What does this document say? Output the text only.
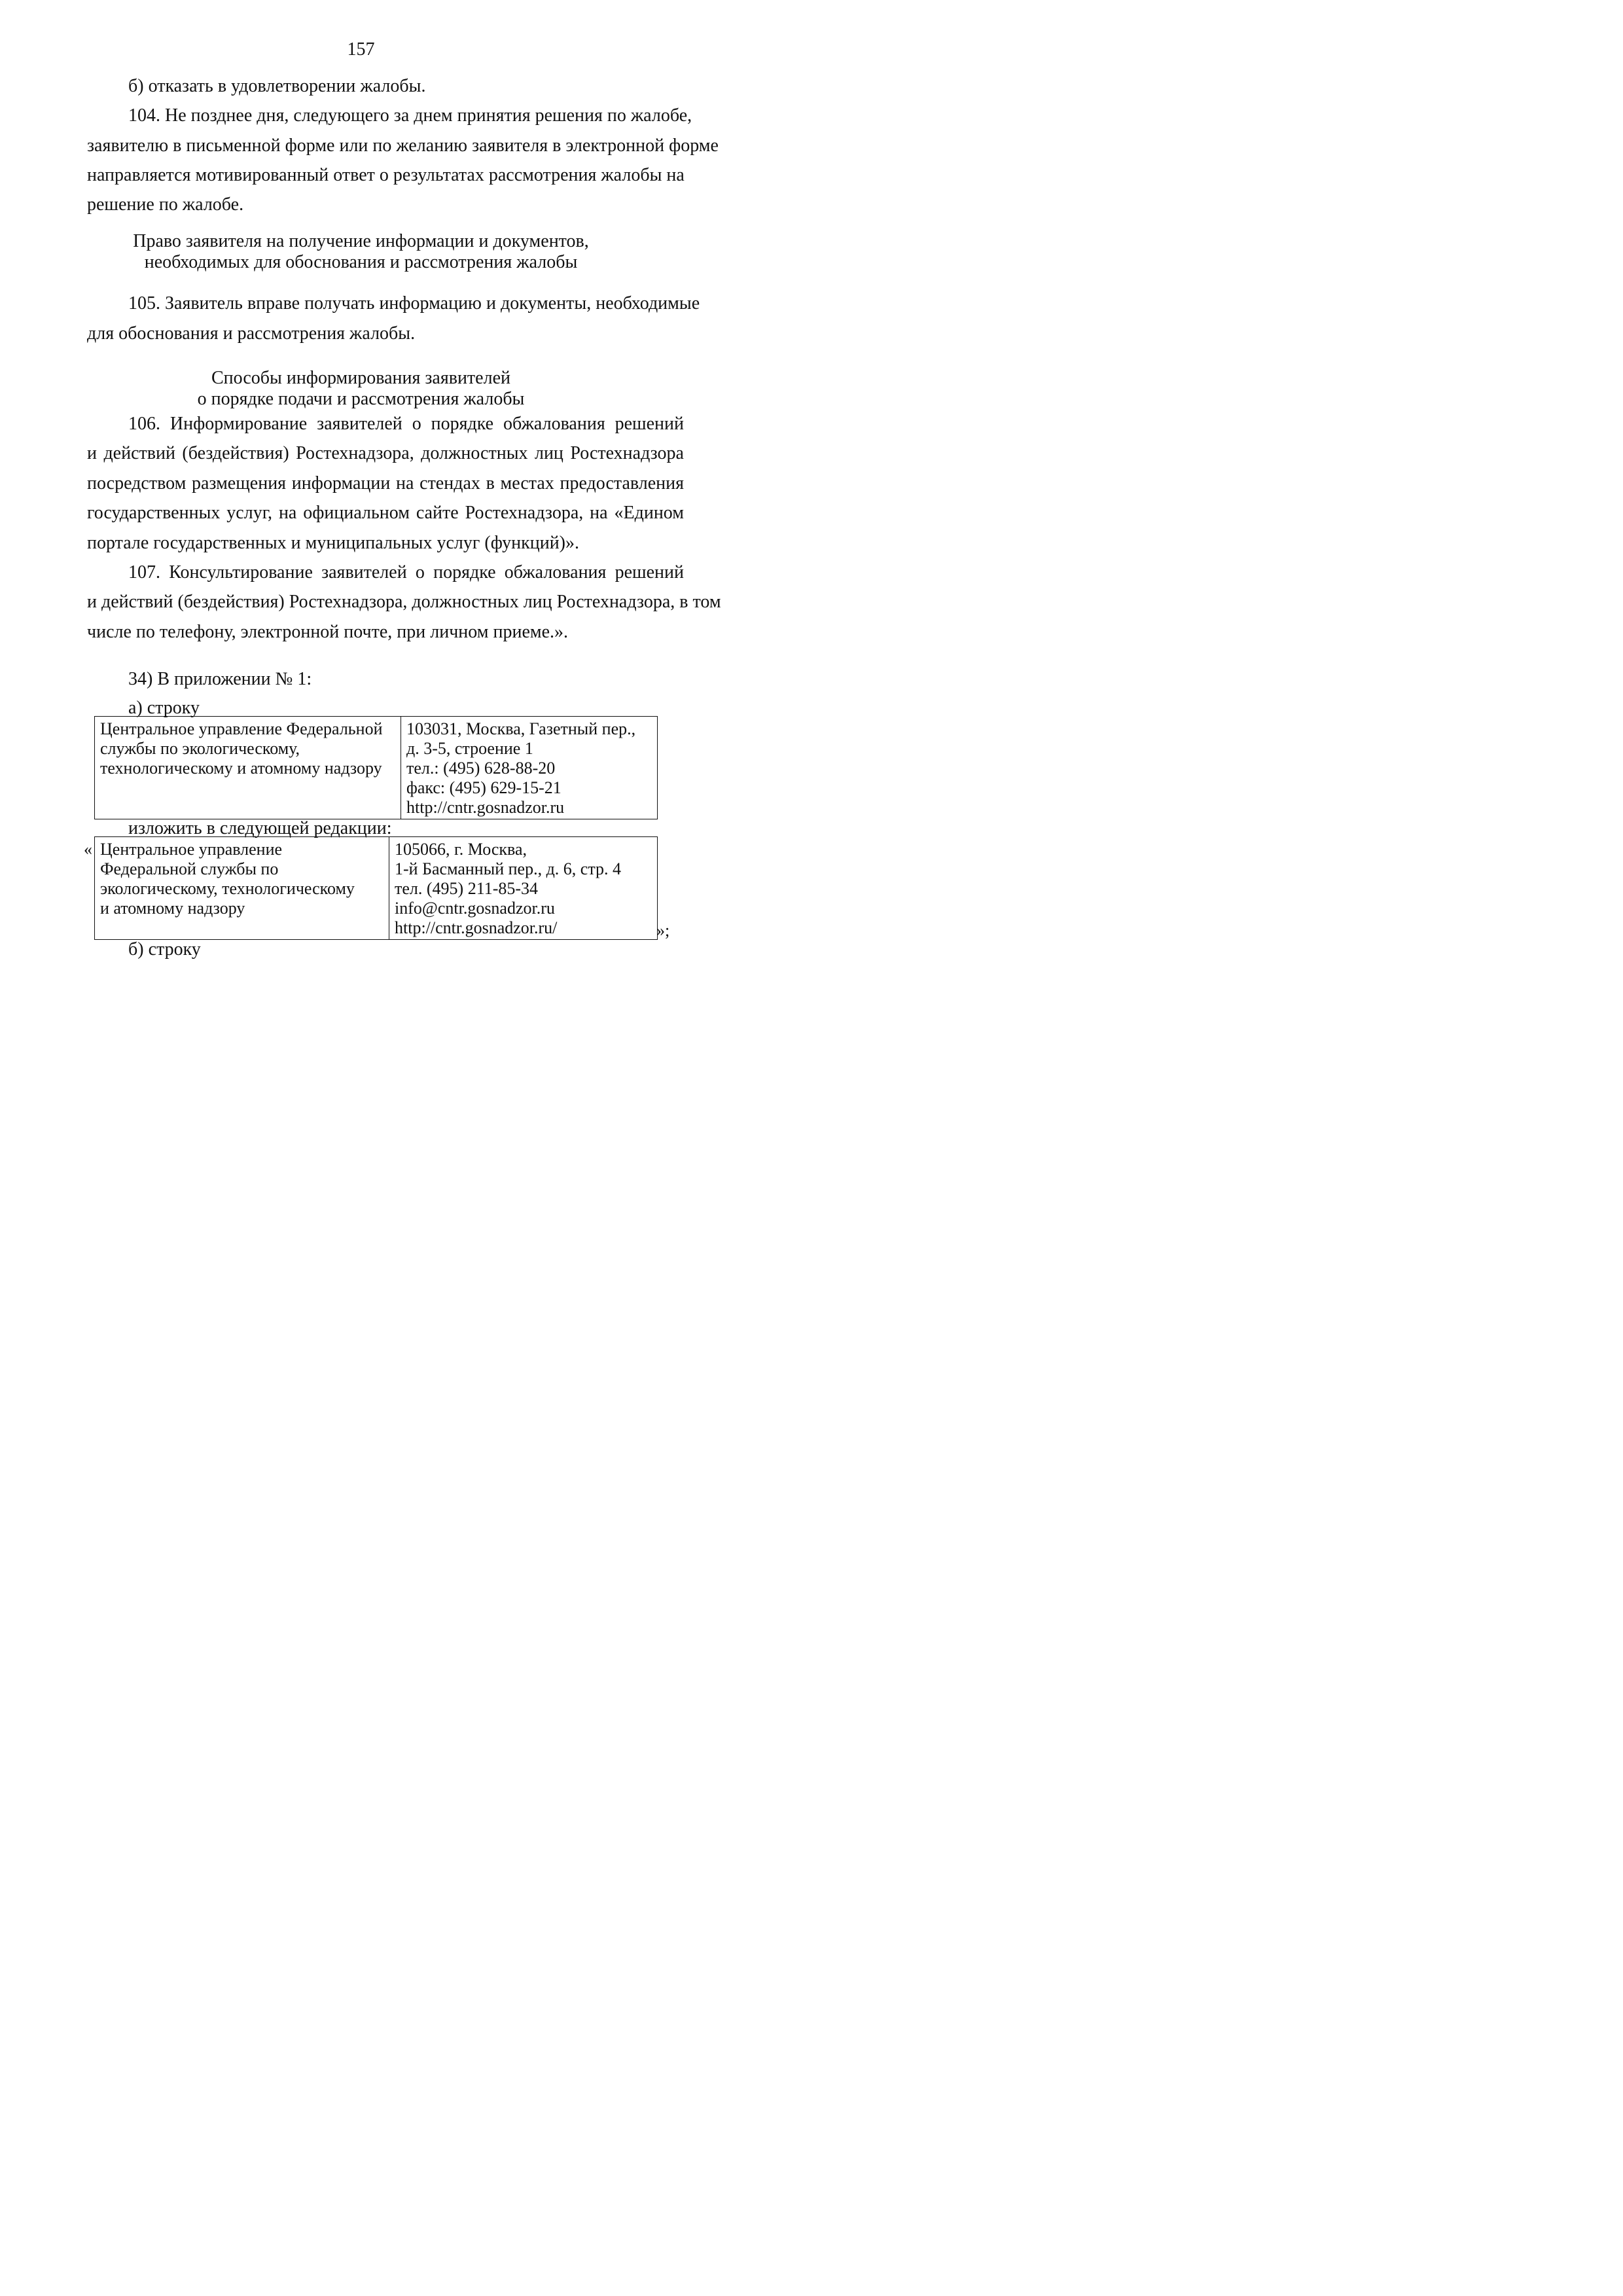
157
б) отказать в удовлетворении жалобы.
104. Не позднее дня, следующего за днем принятия решения по жалобе,
заявителю в письменной форме или по желанию заявителя в электронной форме
направляется мотивированный ответ о результатах рассмотрения жалобы на
решение по жалобе.
Право заявителя на получение информации и документов,
необходимых для обоснования и рассмотрения жалобы
105. Заявитель вправе получать информацию и документы, необходимые
для обоснования и рассмотрения жалобы.
Способы информирования заявителей
о порядке подачи и рассмотрения жалобы
106. Информирование заявителей о порядке обжалования решений
и действий (бездействия) Ростехнадзора, должностных лиц Ростехнадзора
посредством размещения информации на стендах в местах предоставления
государственных услуг, на официальном сайте Ростехнадзора, на «Едином
портале государственных и муниципальных услуг (функций)».
107. Консультирование заявителей о порядке обжалования решений
и действий (бездействия) Ростехнадзора, должностных лиц Ростехнадзора, в том
числе по телефону, электронной почте, при личном приеме.».
34) В приложении № 1:
а) строку
Центральное управление Федеральной
службы по экологическому,
технологическому и атомному надзору

103031, Москва, Газетный пер.,
д. 3-5, строение 1
тел.: (495) 628-88-20
факс: (495) 629-15-21
http://cntr.gosnadzor.ru
изложить в следующей редакции:
« Центральное управление
Федеральной службы по
экологическому, технологическому
и атомному надзору

105066, г. Москва,
1-й Басманный пер., д. 6, стр. 4
тел. (495) 211-85-34
info@cntr.gosnadzor.ru
http://cntr.gosnadzor.ru/	»;
б) строку
